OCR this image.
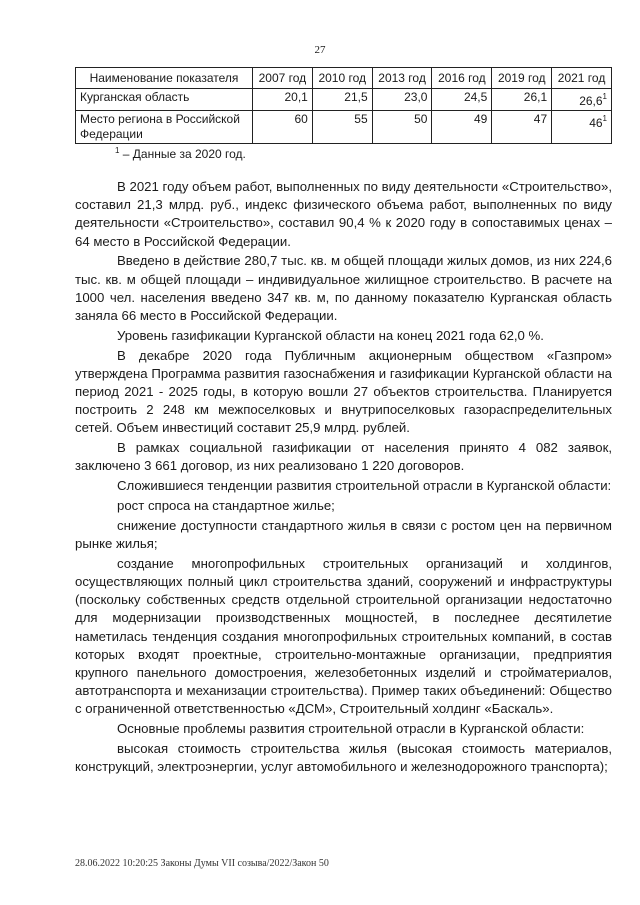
27
Наименование показателя	2007 год	2010 год	2013 год	2016 год	2019 год	2021 год
Курганская область	20,1	21,5	23,0	24,5	26,1	26,6$^1$
Место региона в Российской Федерации	60	55	50	49	47	$46^1$
$^1$ – Данные за 2020 год.

В 2021 году объем работ, выполненных по виду деятельности «Строительство», составил 21,3 млрд. руб., индекс физического объема работ, выполненных по виду деятельности «Строительство», составил 90,4 % к 2020 году в сопоставимых ценах – 64 место в Российской Федерации.

Введено в действие 280,7 тыс. кв. м общей площади жилых домов, из них 224,6 тыс. кв. м общей площади – индивидуальное жилищное строительство. В расчете на 1000 чел. населения введено 347 кв. м, по данному показателю Курганская область заняла 66 место в Российской Федерации.

Уровень газификации Курганской области на конец 2021 года 62,0 %.

В декабре 2020 года Публичным акционерным обществом «Газпром» утверждена Программа развития газоснабжения и газификации Курганской области на период 2021 - 2025 годы, в которую вошли 27 объектов строительства. Планируется построить 2 248 км межпоселковых и внутрипоселковых газораспределительных сетей. Объем инвестиций составит 25,9 млрд. рублей.

В рамках социальной газификации от населения принято 4 082 заявок, заключено 3 661 договор, из них реализовано 1 220 договоров.

Сложившиеся тенденции развития строительной отрасли в Курганской области:

рост спроса на стандартное жилье;

снижение доступности стандартного жилья в связи с ростом цен на первичном рынке жилья;

создание многопрофильных строительных организаций и холдингов, осуществляющих полный цикл строительства зданий, сооружений и инфраструктуры (поскольку собственных средств отдельной строительной организации недостаточно для модернизации производственных мощностей, в последнее десятилетие наметилась тенденция создания многопрофильных строительных компаний, в состав которых входят проектные, строительно-монтажные организации, предприятия крупного панельного домостроения, железобетонных изделий и стройматериалов, автотранспорта и механизации строительства). Пример таких объединений: Общество с ограниченной ответственностью «ДСМ», Строительный холдинг «Баскаль».

Основные проблемы развития строительной отрасли в Курганской области:

высокая стоимость строительства жилья (высокая стоимость материалов, конструкций, электроэнергии, услуг автомобильного и железнодорожного транспорта);

28.06.2022 10:20:25 Законы Думы VII созыва/2022/Закон 50
